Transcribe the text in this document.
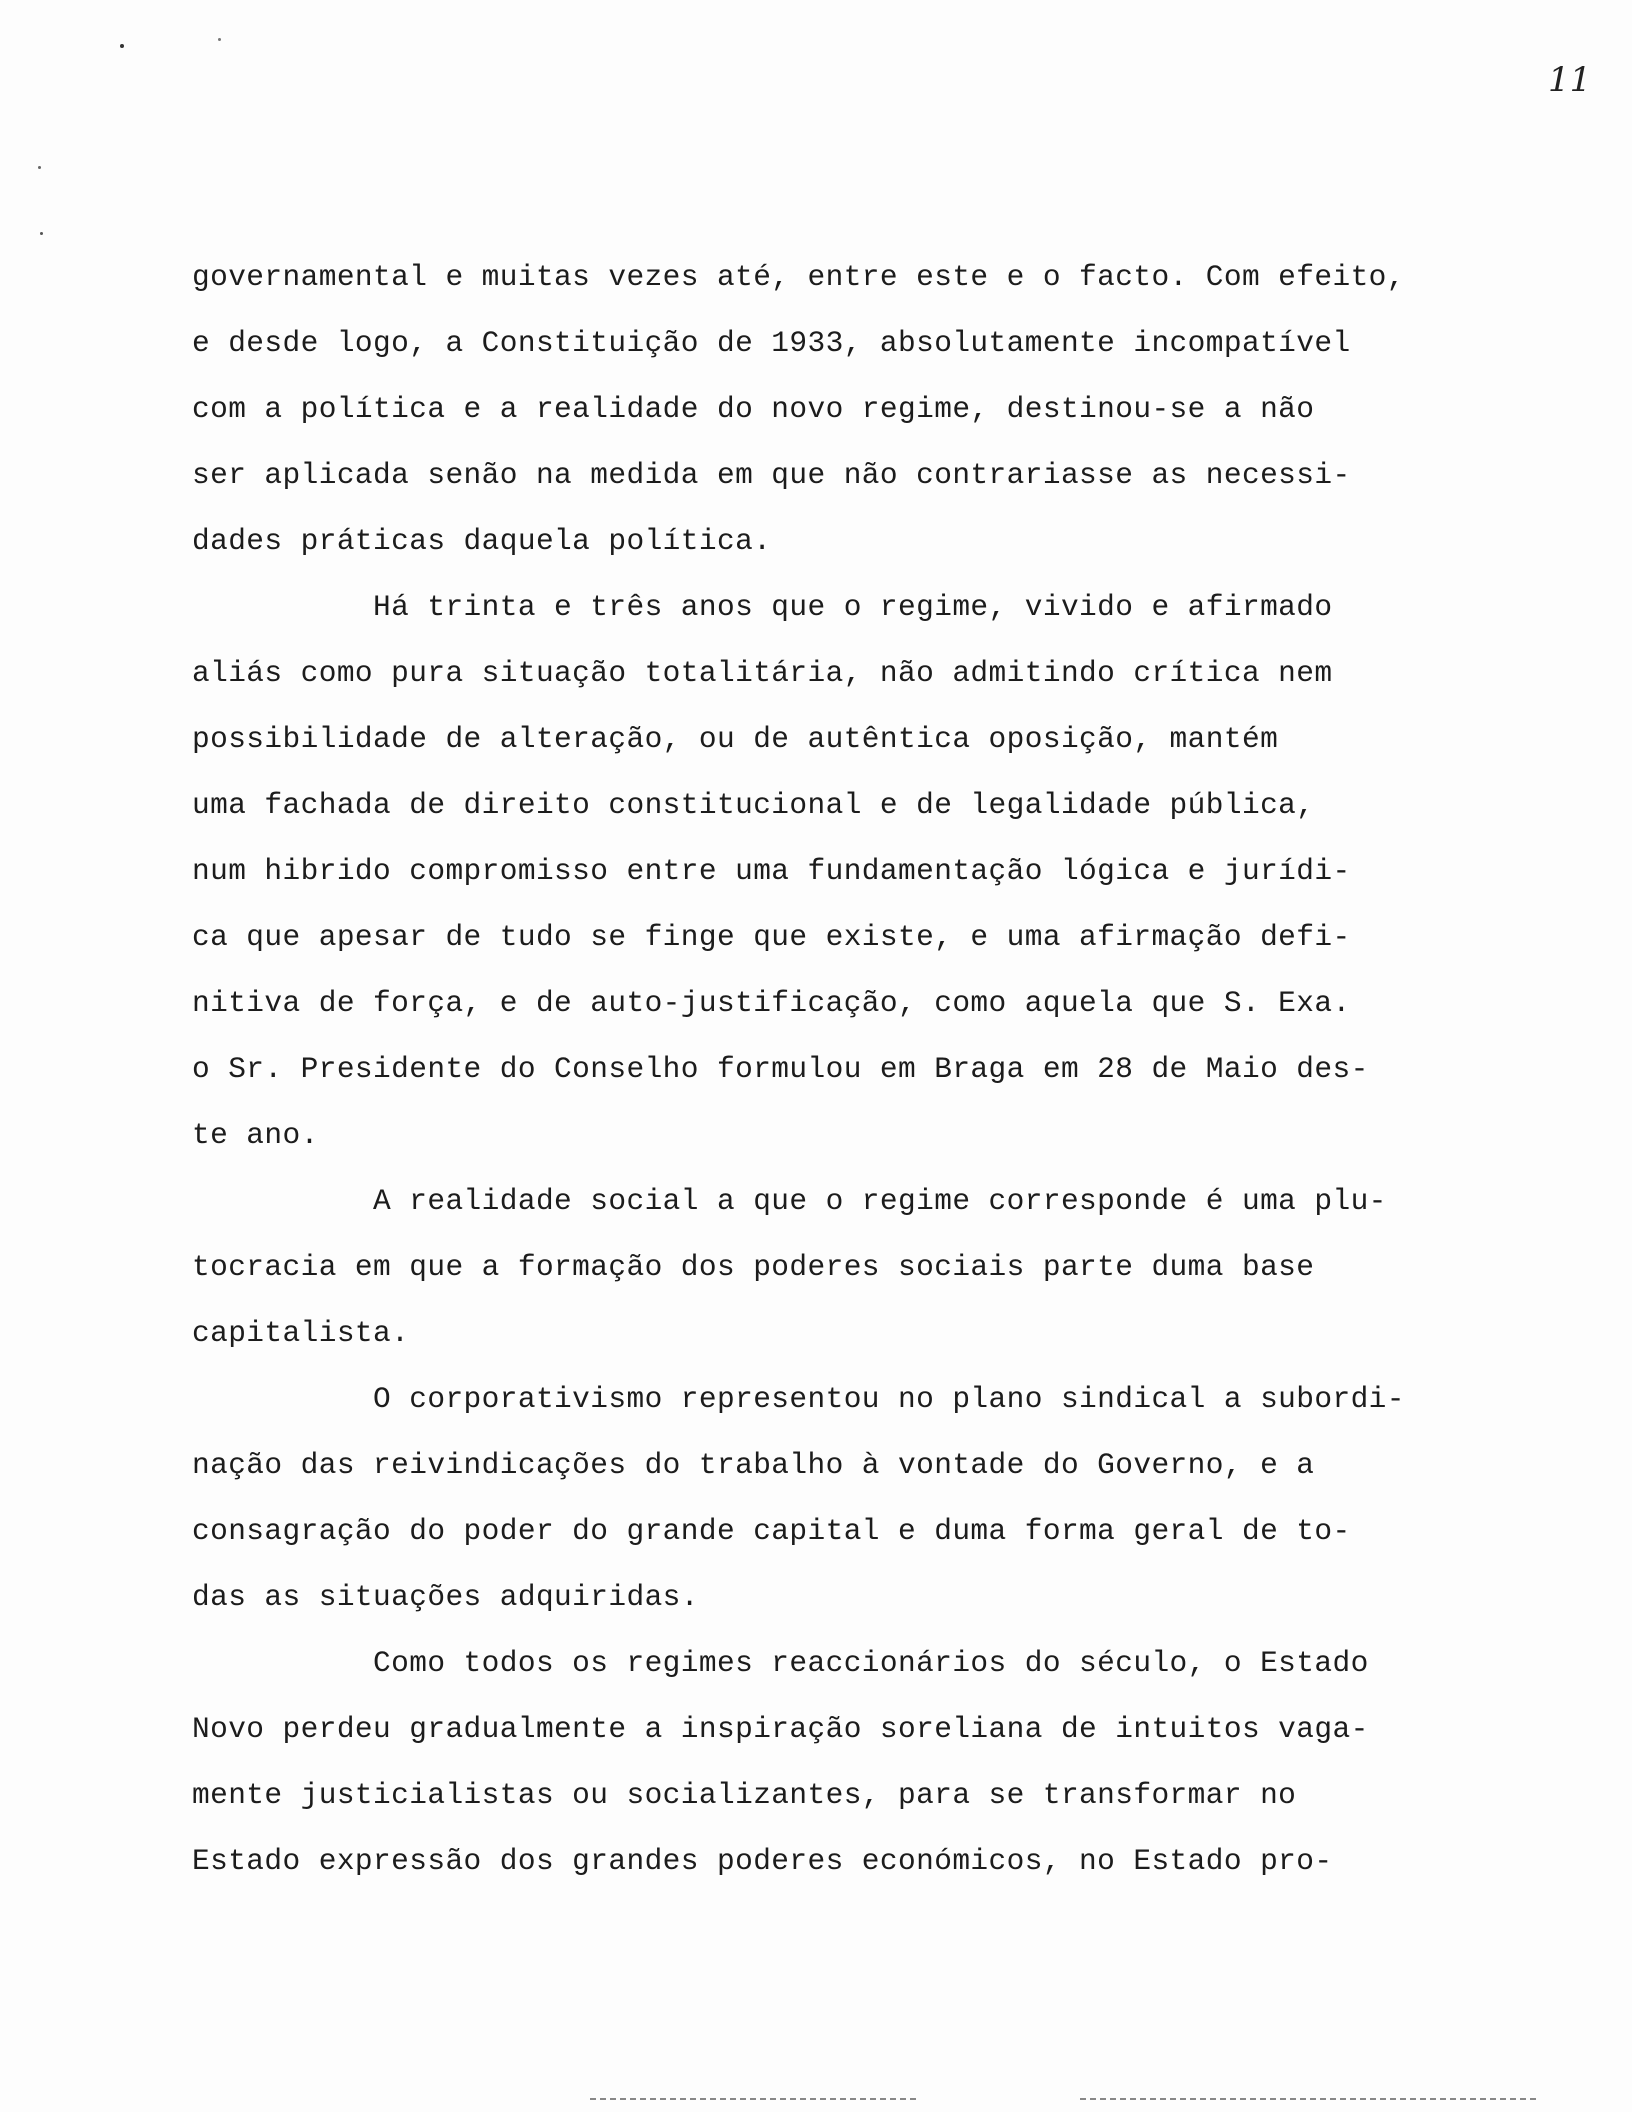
11
governamental e muitas vezes até, entre este e o facto. Com efeito,
e desde logo, a Constituição de 1933, absolutamente incompatível
com a política e a realidade do novo regime, destinou-se a não
ser aplicada senão na medida em que não contrariasse as necessi-
dades práticas daquela política.
Há trinta e três anos que o regime, vivido e afirmado
aliás como pura situação totalitária, não admitindo crítica nem
possibilidade de alteração, ou de autêntica oposição, mantém
uma fachada de direito constitucional e de legalidade pública,
num hibrido compromisso entre uma fundamentação lógica e jurídi-
ca que apesar de tudo se finge que existe, e uma afirmação defi-
nitiva de força, e de auto-justificação, como aquela que S. Exa.
o Sr. Presidente do Conselho formulou em Braga em 28 de Maio des-
te ano.
A realidade social a que o regime corresponde é uma plu-
tocracia em que a formação dos poderes sociais parte duma base
capitalista.
O corporativismo representou no plano sindical a subordi-
nação das reivindicações do trabalho à vontade do Governo, e a
consagração do poder do grande capital e duma forma geral de to-
das as situações adquiridas.
Como todos os regimes reaccionários do século, o Estado
Novo perdeu gradualmente a inspiração soreliana de intuitos vaga-
mente justicialistas ou socializantes, para se transformar no
Estado expressão dos grandes poderes económicos, no Estado pro-
